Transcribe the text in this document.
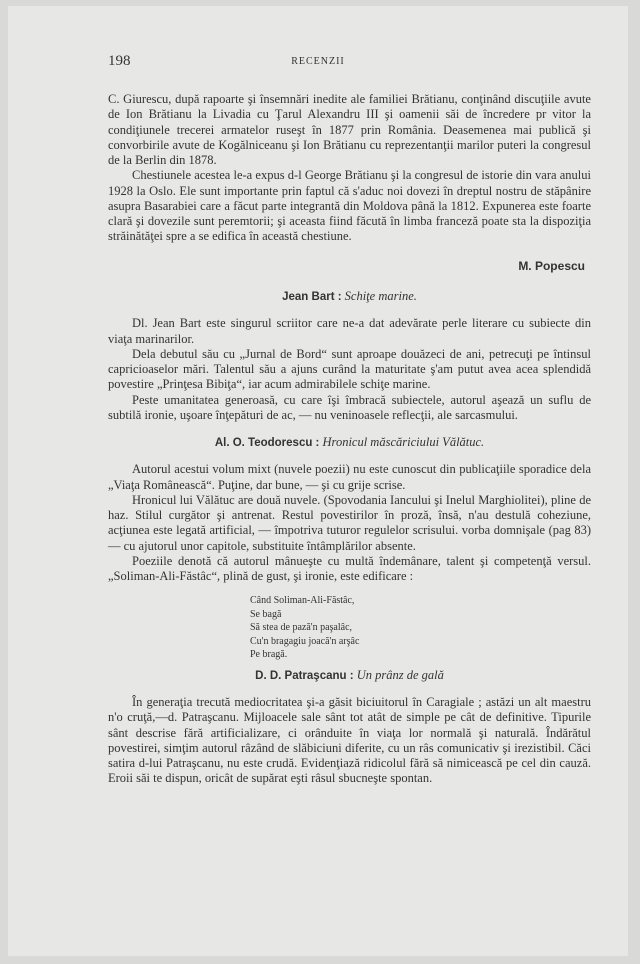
198	RECENZII

C. Giurescu, după rapoarte şi însemnări inedite ale familiei Brătianu, conţinând discuţiile avute de Ion Brătianu la Livadia cu Ţarul Alexandru III şi oamenii săi de încredere pr vitor la condiţiunele trecerei armatelor ruseşt în 1877 prin România. Deasemenea mai publică şi convorbirile avute de Kogălniceanu şi Ion Brătianu cu reprezentanţii marilor puteri la congresul de la Berlin din 1878.

Chestiunele acestea le-a expus d-l George Brătianu şi la congresul de istorie din vara anului 1928 la Oslo. Ele sunt importante prin faptul că s'aduc noi dovezi în dreptul nostru de stăpânire asupra Basarabiei care a făcut parte integrantă din Moldova până la 1812. Expunerea este foarte clară şi dovezile sunt peremtorii; şi aceasta fiind făcută în limba franceză poate sta la dispoziţia străinătăţei spre a se edifica în această chestiune.

M. Popescu
Jean Bart : Schiţe marine.

Dl. Jean Bart este singurul scriitor care ne-a dat adevărate perle literare cu subiecte din viaţa marinarilor.

Dela debutul său cu „Jurnal de Bord“ sunt aproape douăzeci de ani, petrecuţi pe întinsul capricioaselor mări. Talentul său a ajuns curând la maturitate ş'am putut avea acea splendidă povestire „Prinţesa Bibiţa“, iar acum admirabilele schiţe marine.

Peste umanitatea generoasă, cu care îşi îmbracă subiectele, autorul aşează un suflu de subtilă ironie, uşoare înţepături de ac, — nu veninoasele reflecţii, ale sarcasmului.

Al. O. Teodorescu : Hronicul măscăriciului Vălătuc.

Autorul acestui volum mixt (nuvele poezii) nu este cunoscut din publicaţiile sporadice dela „Viaţa Românească“. Puţine, dar bune, — şi cu grije scrise.

Hronicul lui Vălătuc are două nuvele. (Spovodania Iancului şi Inelul Marghiolitei), pline de haz. Stilul curgător şi antrenat. Restul povestirilor în proză, însă, n'au destulă coheziune, acţiunea este legată artificial, — împotriva tuturor regulelor scrisului. vorba domnişale (pag 83) — cu ajutorul unor capitole, substituite întâmplărilor absente.

Poeziile denotă că autorul mânueşte cu multă îndemânare, talent şi competenţă versul. „Soliman-Ali-Făstâc“, plină de gust, şi ironie, este edificare :

Când Soliman-Ali-Făstâc,
Se bagă
Să stea de pază'n paşalâc,
Cu'n bragagiu joacă'n arşâc
Pe bragă.
D. D. Patraşcanu : Un prânz de gală

În generaţia trecută mediocritatea şi-a găsit biciuitorul în Caragiale ; astăzi un alt maestru n'o cruţă,—d. Patraşcanu. Mijloacele sale sânt tot atât de simple pe cât de definitive. Tipurile sânt descrise fără artificializare, ci orânduite în viaţa lor normală şi naturală. Îndărătul povestirei, simţim autorul râzând de slăbiciuni diferite, cu un râs comunicativ şi irezistibil. Căci satira d-lui Patraşcanu, nu este crudă. Evidenţiază ridicolul fără să nimicească pe cel din cauză. Eroii săi te dispun, oricât de supărat eşti râsul sbucneşte spontan.
